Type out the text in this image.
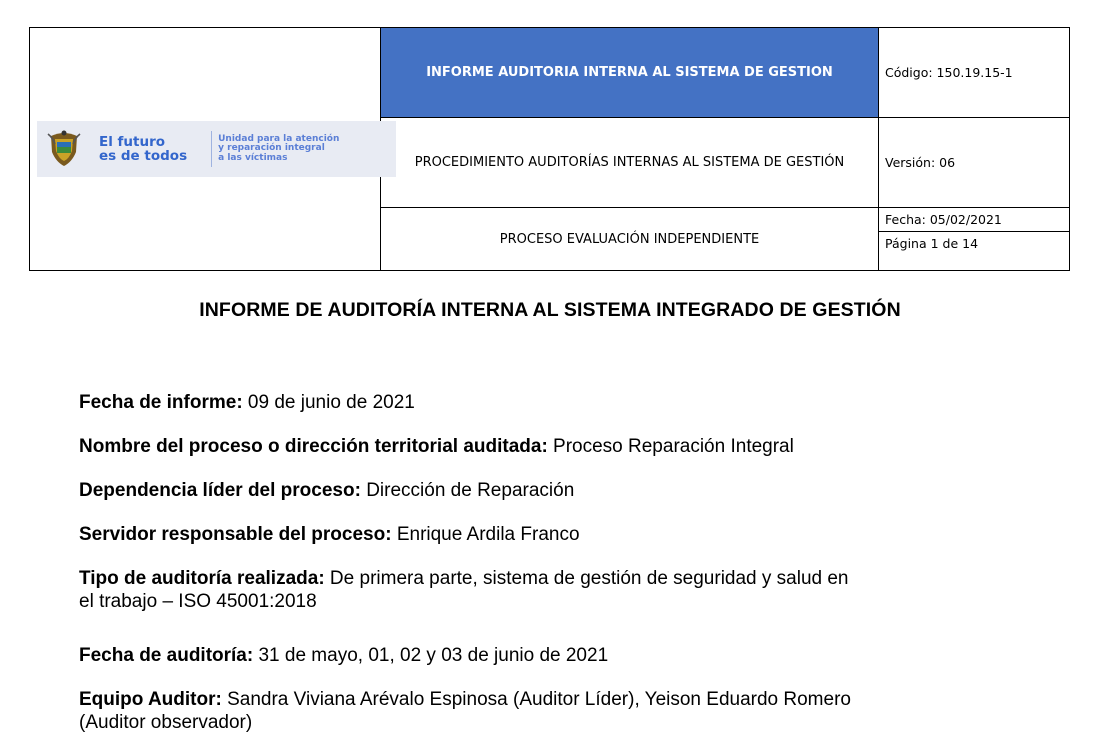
El futuro
es de todos
Unidad para la atención
y reparación integral
a las víctimas	INFORME AUDITORIA INTERNA AL SISTEMA DE GESTION	Código: 150.19.15-1
	PROCEDIMIENTO AUDITORÍAS INTERNAS AL SISTEMA DE GESTIÓN	Versión: 06
	PROCESO EVALUACIÓN INDEPENDIENTE	Fecha: 05/02/2021
		Página 1 de 14
INFORME DE AUDITORÍA INTERNA AL SISTEMA INTEGRADO DE GESTIÓN
Fecha de informe: 09 de junio de 2021
Nombre del proceso o dirección territorial auditada: Proceso Reparación Integral
Dependencia líder del proceso: Dirección de Reparación
Servidor responsable del proceso: Enrique Ardila Franco
Tipo de auditoría realizada: De primera parte, sistema de gestión de seguridad y salud en
el trabajo – ISO 45001:2018
Fecha de auditoría: 31 de mayo, 01, 02 y 03 de junio de 2021
Equipo Auditor: Sandra Viviana Arévalo Espinosa (Auditor Líder), Yeison Eduardo Romero
(Auditor observador)
